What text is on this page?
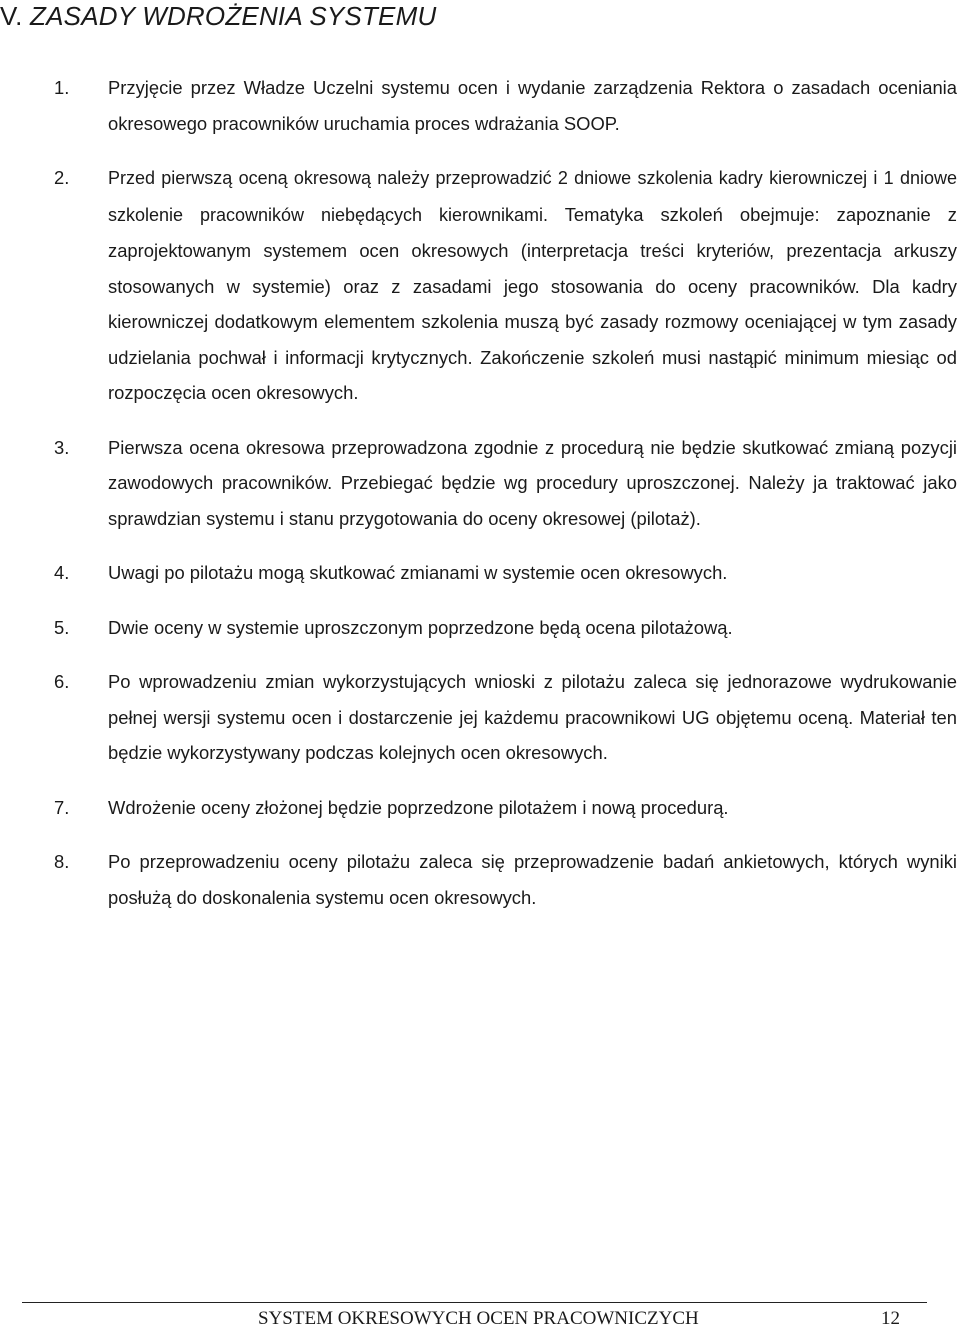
V. ZASADY WDROŻENIA SYSTEMU
1.	Przyjęcie przez Władze Uczelni systemu ocen i wydanie zarządzenia Rektora o zasadach oceniania okresowego pracowników uruchamia proces wdrażania SOOP.
2.	Przed pierwszą oceną okresową należy przeprowadzić 2 dniowe szkolenia kadry kierowniczej i 1 dniowe szkolenie pracowników niebędących kierownikami. Tematyka szkoleń obejmuje: zapoznanie z zaprojektowanym systemem ocen okresowych (interpretacja treści kryteriów, prezentacja arkuszy stosowanych w systemie) oraz z zasadami jego stosowania do oceny pracowników. Dla kadry kierowniczej dodatkowym elementem szkolenia muszą być zasady rozmowy oceniającej w tym zasady udzielania pochwał i informacji krytycznych. Zakończenie szkoleń musi nastąpić minimum miesiąc od rozpoczęcia ocen okresowych.
3.	Pierwsza ocena okresowa przeprowadzona zgodnie z procedurą nie będzie skutkować zmianą pozycji zawodowych pracowników. Przebiegać będzie wg procedury uproszczonej. Należy ja traktować jako sprawdzian systemu i stanu przygotowania do oceny okresowej (pilotaż).
4.	Uwagi po pilotażu mogą skutkować zmianami w systemie ocen okresowych.
5.	Dwie oceny w systemie uproszczonym poprzedzone będą ocena pilotażową.
6.	Po wprowadzeniu zmian wykorzystujących wnioski z pilotażu zaleca się jednorazowe wydrukowanie pełnej wersji systemu ocen i dostarczenie jej każdemu pracownikowi UG objętemu oceną. Materiał ten będzie wykorzystywany podczas kolejnych ocen okresowych.
7.	Wdrożenie oceny złożonej będzie poprzedzone pilotażem i nową procedurą.
8.	Po przeprowadzeniu oceny pilotażu zaleca się przeprowadzenie badań ankietowych, których wyniki posłużą do doskonalenia systemu ocen okresowych.
SYSTEM OKRESOWYCH OCEN PRACOWNICZYCH	12
